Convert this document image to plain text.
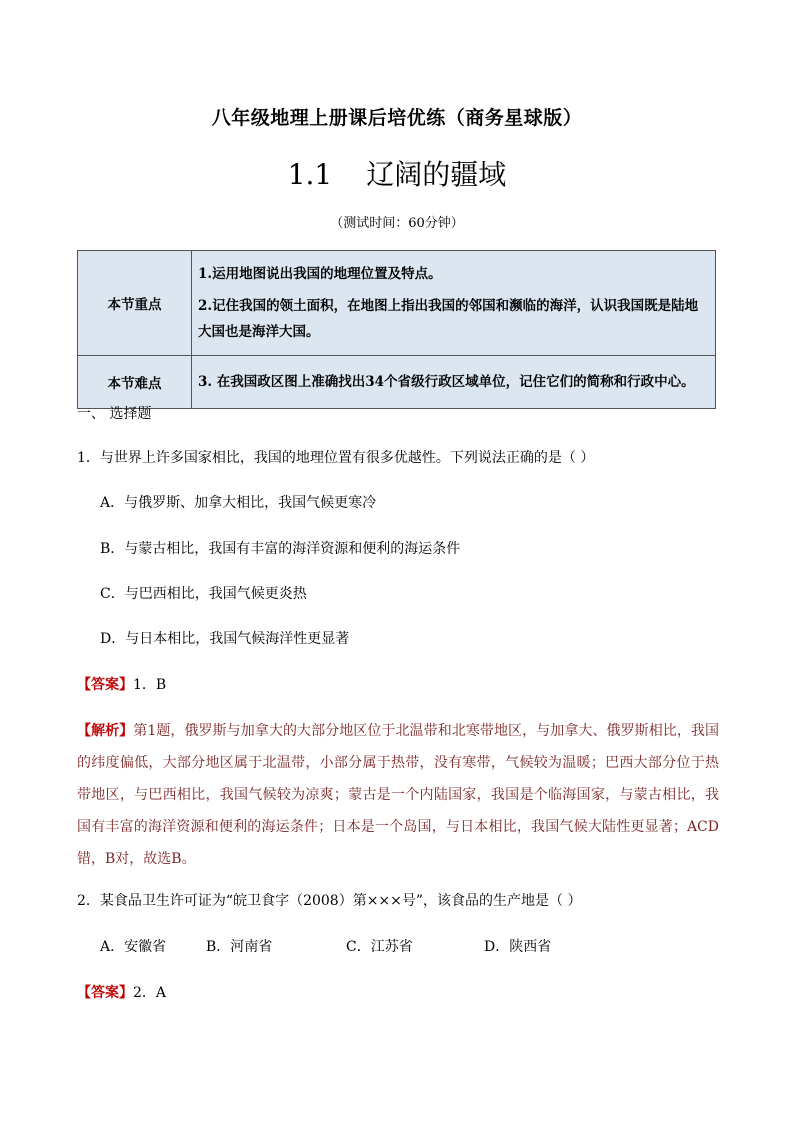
八年级地理上册课后培优练（商务星球版）
1.1 辽阔的疆域
（测试时间：60分钟）
本节重点	1.运用地图说出我国的地理位置及特点。

2.记住我国的领土面积，在地图上指出我国的邻国和濒临的海洋，认识我国既是陆地大国也是海洋大国。

本节难点	3. 在我国政区图上准确找出34个省级行政区域单位，记住它们的简称和行政中心。
一、 选择题
1．与世界上许多国家相比，我国的地理位置有很多优越性。下列说法正确的是（ ）
A．与俄罗斯、加拿大相比，我国气候更寒冷
B．与蒙古相比，我国有丰富的海洋资源和便利的海运条件
C．与巴西相比，我国气候更炎热
D．与日本相比，我国气候海洋性更显著
【答案】1．B
【解析】第1题，俄罗斯与加拿大的大部分地区位于北温带和北寒带地区，与加拿大、俄罗斯相比，我国的纬度偏低，大部分地区属于北温带，小部分属于热带，没有寒带，气候较为温暖；巴西大部分位于热带地区，与巴西相比，我国气候较为凉爽；蒙古是一个内陆国家，我国是个临海国家，与蒙古相比，我国有丰富的海洋资源和便利的海运条件；日本是一个岛国，与日本相比，我国气候大陆性更显著；ACD错，B对，故选B。
2．某食品卫生许可证为“皖卫食字（2008）第×××号”，该食品的生产地是（ ）
A．安徽省	B．河南省	C．江苏省	D．陕西省
【答案】2．A
